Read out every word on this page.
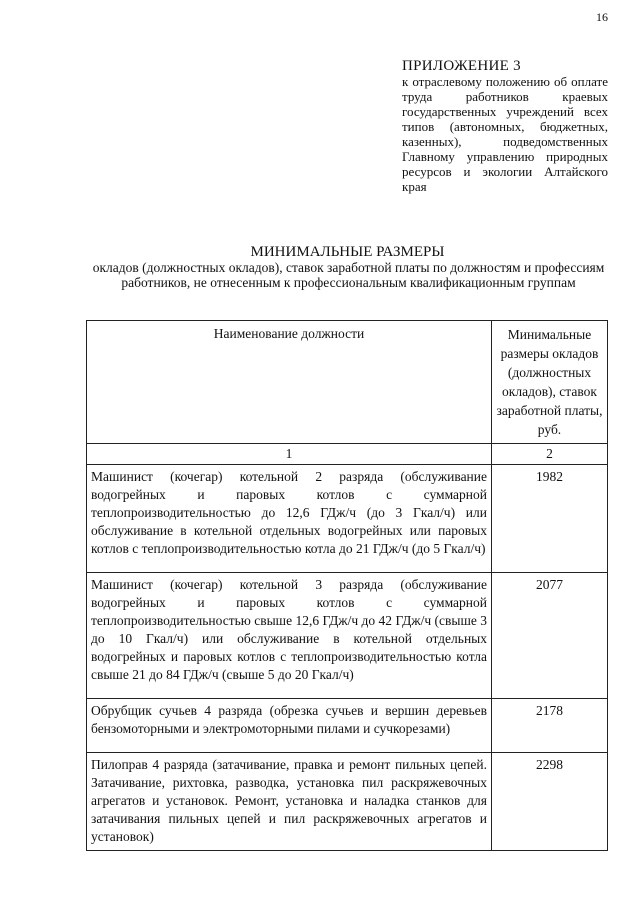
16
ПРИЛОЖЕНИЕ 3
к отраслевому положению об оплате труда работников краевых государственных учреждений всех типов (автономных, бюджетных, казенных), подведомственных Главному управлению природных ресурсов и экологии Алтайского края
МИНИМАЛЬНЫЕ РАЗМЕРЫ
окладов (должностных окладов), ставок заработной платы по должностям и профессиям работников, не отнесенным к профессиональным квалификационным группам
Наименование должности	Минимальные размеры окладов (должностных окладов), ставок заработной платы, руб.
1	2
Машинист (кочегар) котельной 2 разряда (обслуживание водогрейных и паровых котлов с суммарной теплопроизводительностью до 12,6 ГДж/ч (до 3 Гкал/ч) или обслуживание в котельной отдельных водогрейных или паровых котлов с теплопроизводительностью котла до 21 ГДж/ч (до 5 Гкал/ч)	1982
Машинист (кочегар) котельной 3 разряда (обслуживание водогрейных и паровых котлов с суммарной теплопроизводительностью свыше 12,6 ГДж/ч до 42 ГДж/ч (свыше 3 до 10 Гкал/ч) или обслуживание в котельной отдельных водогрейных и паровых котлов с теплопроизводительностью котла свыше 21 до 84 ГДж/ч (свыше 5 до 20 Гкал/ч)	2077
Обрубщик сучьев 4 разряда (обрезка сучьев и вершин деревьев бензомоторными и электромоторными пилами и сучкорезами)	2178
Пилоправ 4 разряда (затачивание, правка и ремонт пильных цепей. Затачивание, рихтовка, разводка, установка пил раскряжевочных агрегатов и установок. Ремонт, установка и наладка станков для затачивания пильных цепей и пил раскряжевочных агрегатов и установок)	2298
